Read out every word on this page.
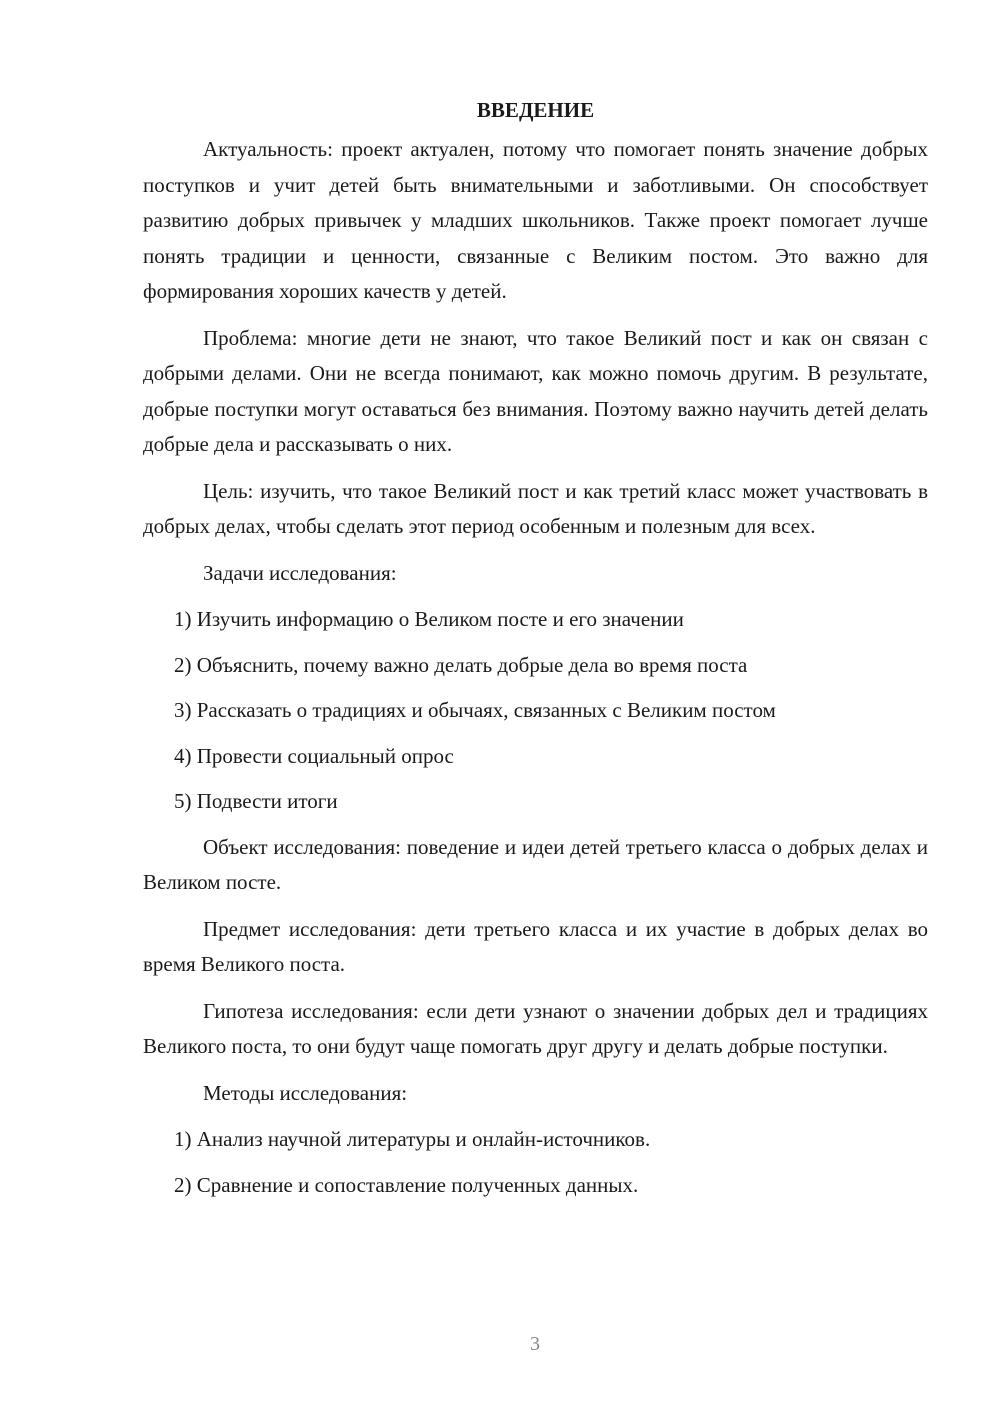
ВВЕДЕНИЕ

Актуальность: проект актуален, потому что помогает понять значение добрых поступков и учит детей быть внимательными и заботливыми. Он способствует развитию добрых привычек у младших школьников. Также проект помогает лучше понять традиции и ценности, связанные с Великим постом. Это важно для формирования хороших качеств у детей.

Проблема: многие дети не знают, что такое Великий пост и как он связан с добрыми делами. Они не всегда понимают, как можно помочь другим. В результате, добрые поступки могут оставаться без внимания. Поэтому важно научить детей делать добрые дела и рассказывать о них.

Цель: изучить, что такое Великий пост и как третий класс может участвовать в добрых делах, чтобы сделать этот период особенным и полезным для всех.

Задачи исследования:

1) Изучить информацию о Великом посте и его значении
2) Объяснить, почему важно делать добрые дела во время поста
3) Рассказать о традициях и обычаях, связанных с Великим постом
4) Провести социальный опрос
5) Подвести итоги

Объект исследования: поведение и идеи детей третьего класса о добрых делах и Великом посте.

Предмет исследования: дети третьего класса и их участие в добрых делах во время Великого поста.

Гипотеза исследования: если дети узнают о значении добрых дел и традициях Великого поста, то они будут чаще помогать друг другу и делать добрые поступки.

Методы исследования:

1) Анализ научной литературы и онлайн-источников.
2) Сравнение и сопоставление полученных данных.
3
